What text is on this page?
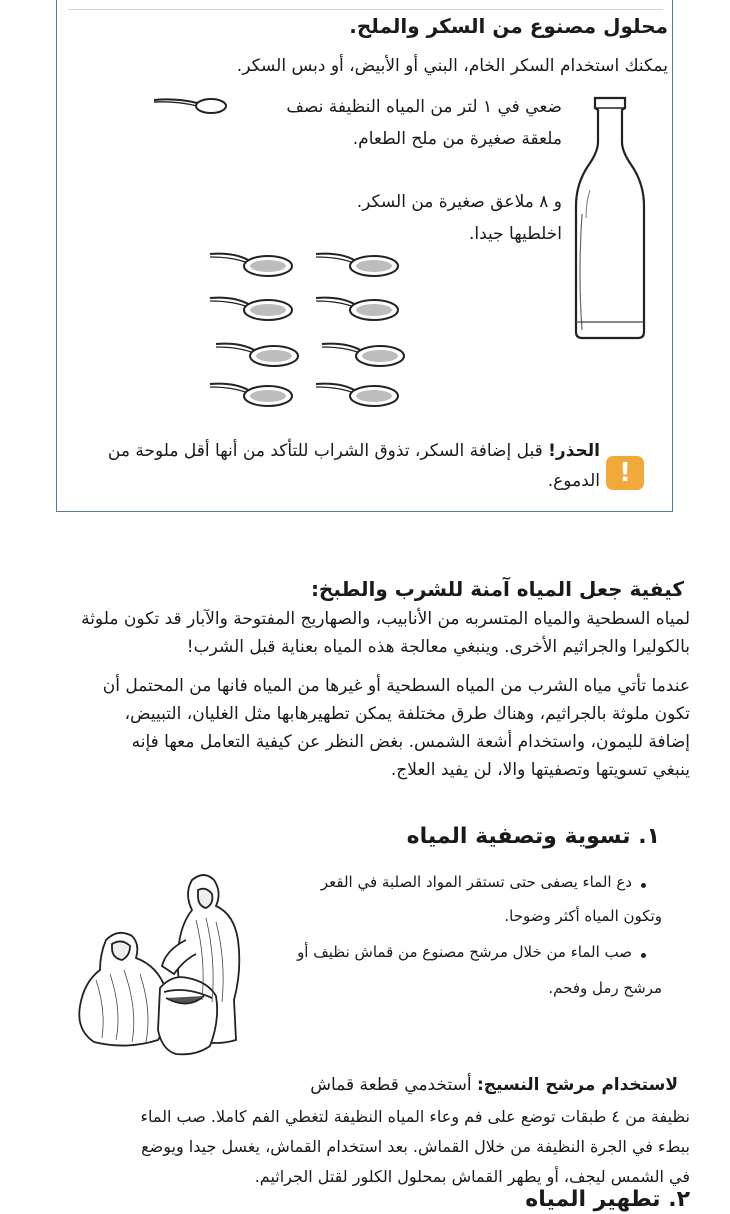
محلول مصنوع من السكر والملح.
يمكنك استخدام السكر الخام، البني أو الأبيض، أو دبس السكر.
ضعي في ١ لتر من المياه النظيفة نصف
ملعقة صغيرة من ملح الطعام.
و ٨ ملاعق صغيرة من السكر.
اخلطيها جيدا.
!
الحذر! قبل إضافة السكر، تذوق الشراب للتأكد من أنها أقل ملوحة من
الدموع.
كيفية جعل المياه آمنة للشرب والطبخ:
لمياه السطحية والمياه المتسربه من الأنابيب، والصهاريج المفتوحة والآبار قد تكون ملوثة
بالكوليرا والجراثيم الأخرى. وينبغي معالجة هذه المياه بعناية قبل الشرب!
عندما تأتي مياه الشرب من المياه السطحية أو غيرها من المياه فانها من المحتمل أن
تكون ملوثة بالجراثيم، وهناك طرق مختلفة يمكن تطهيرهابها مثل الغليان، التبييض،
إضافة لليمون، واستخدام أشعة الشمس. بغض النظر عن كيفية التعامل معها فإنه
ينبغي تسويتها وتصفيتها والا، لن يفيد العلاج.
١. تسوية وتصفية المياه
دع الماء يصفى حتى تستقر المواد الصلبة في القعر
وتكون المياه أكثر وضوحا.
صب الماء من خلال مرشح مصنوع من قماش نظيف أو
مرشح رمل وفحم.
لاستخدام مرشح النسيج: أستخدمي قطعة قماش
نظيفة من ٤ طبقات توضع على فم وعاء المياه النظيفة لتغطي الفم كاملا. صب الماء
ببطء في الجرة النظيفة من خلال القماش. بعد استخدام القماش، يغسل جيدا ويوضع
في الشمس ليجف، أو يطهر القماش بمحلول الكلور لقتل الجراثيم.
٢. تطهير المياه
